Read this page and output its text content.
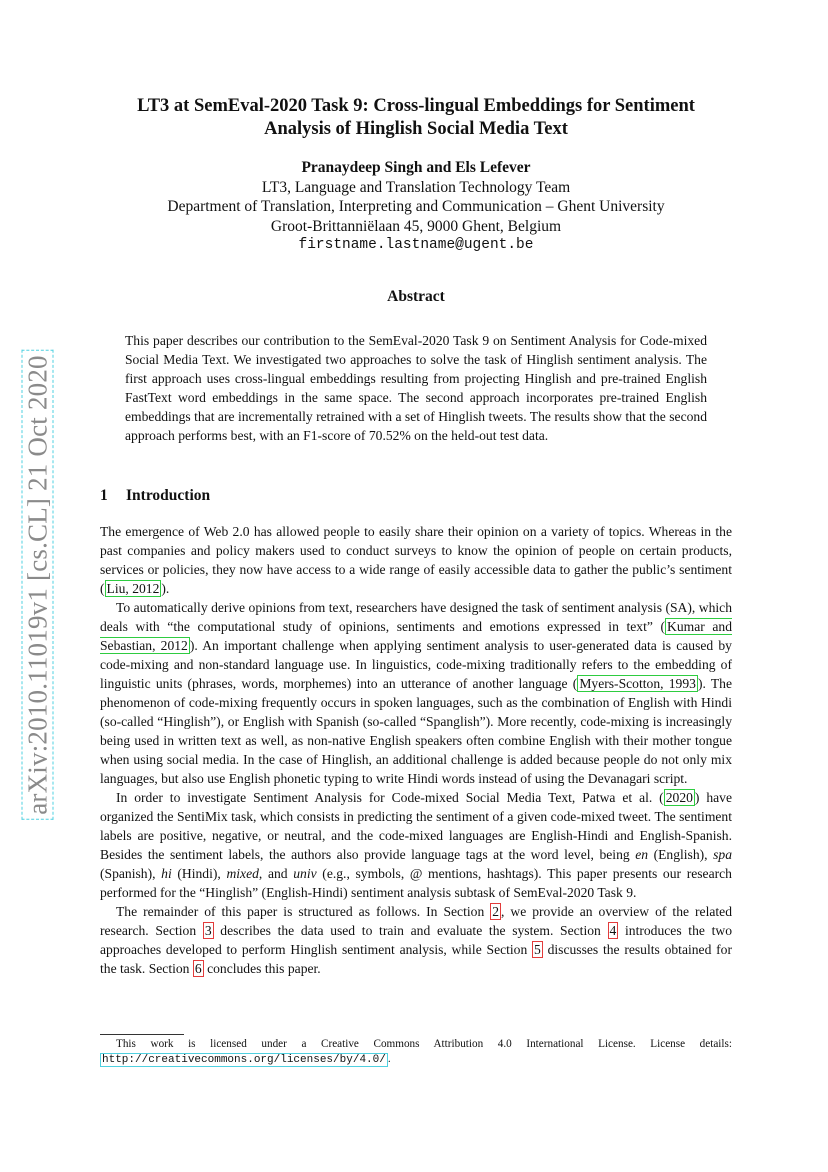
arXiv:2010.11019v1 [cs.CL] 21 Oct 2020
LT3 at SemEval-2020 Task 9: Cross-lingual Embeddings for Sentiment
Analysis of Hinglish Social Media Text
Pranaydeep Singh and Els Lefever
LT3, Language and Translation Technology Team
Department of Translation, Interpreting and Communication – Ghent University
Groot-Brittanniëlaan 45, 9000 Ghent, Belgium
firstname.lastname@ugent.be
Abstract

This paper describes our contribution to the SemEval-2020 Task 9 on Sentiment Analysis for Code-mixed Social Media Text. We investigated two approaches to solve the task of Hinglish sentiment analysis. The first approach uses cross-lingual embeddings resulting from projecting Hinglish and pre-trained English FastText word embeddings in the same space. The second approach incorporates pre-trained English embeddings that are incrementally retrained with a set of Hinglish tweets. The results show that the second approach performs best, with an F1-score of 70.52% on the held-out test data.

1 Introduction

The emergence of Web 2.0 has allowed people to easily share their opinion on a variety of topics. Whereas in the past companies and policy makers used to conduct surveys to know the opinion of people on certain products, services or policies, they now have access to a wide range of easily accessible data to gather the public’s sentiment ( Liu, 2012 ).

To automatically derive opinions from text, researchers have designed the task of sentiment analysis (SA), which deals with “the computational study of opinions, sentiments and emotions expressed in text” ( Kumar and Sebastian, 2012 ). An important challenge when applying sentiment analysis to user-generated data is caused by code-mixing and non-standard language use. In linguistics, code-mixing traditionally refers to the embedding of linguistic units (phrases, words, morphemes) into an utterance of another language ( Myers-Scotton, 1993 ). The phenomenon of code-mixing frequently occurs in spoken languages, such as the combination of English with Hindi (so-called “Hinglish”), or English with Spanish (so-called “Spanglish”). More recently, code-mixing is increasingly being used in written text as well, as non-native English speakers often combine English with their mother tongue when using social media. In the case of Hinglish, an additional challenge is added because people do not only mix languages, but also use English phonetic typing to write Hindi words instead of using the Devanagari script.

In order to investigate Sentiment Analysis for Code-mixed Social Media Text, Patwa et al. ( 2020 ) have organized the SentiMix task, which consists in predicting the sentiment of a given code-mixed tweet. The sentiment labels are positive, negative, or neutral, and the code-mixed languages are English-Hindi and English-Spanish. Besides the sentiment labels, the authors also provide language tags at the word level, being en (English), spa (Spanish), hi (Hindi), mixed, and univ (e.g., symbols, @ mentions, hashtags). This paper presents our research performed for the “Hinglish” (English-Hindi) sentiment analysis subtask of SemEval-2020 Task 9.

The remainder of this paper is structured as follows. In Section 2 , we provide an overview of the related research. Section 3 describes the data used to train and evaluate the system. Section 4 introduces the two approaches developed to perform Hinglish sentiment analysis, while Section 5 discusses the results obtained for the task. Section 6 concludes this paper.

This work is licensed under a Creative Commons Attribution 4.0 International License. License details:
http://creativecommons.org/licenses/by/4.0/ .
